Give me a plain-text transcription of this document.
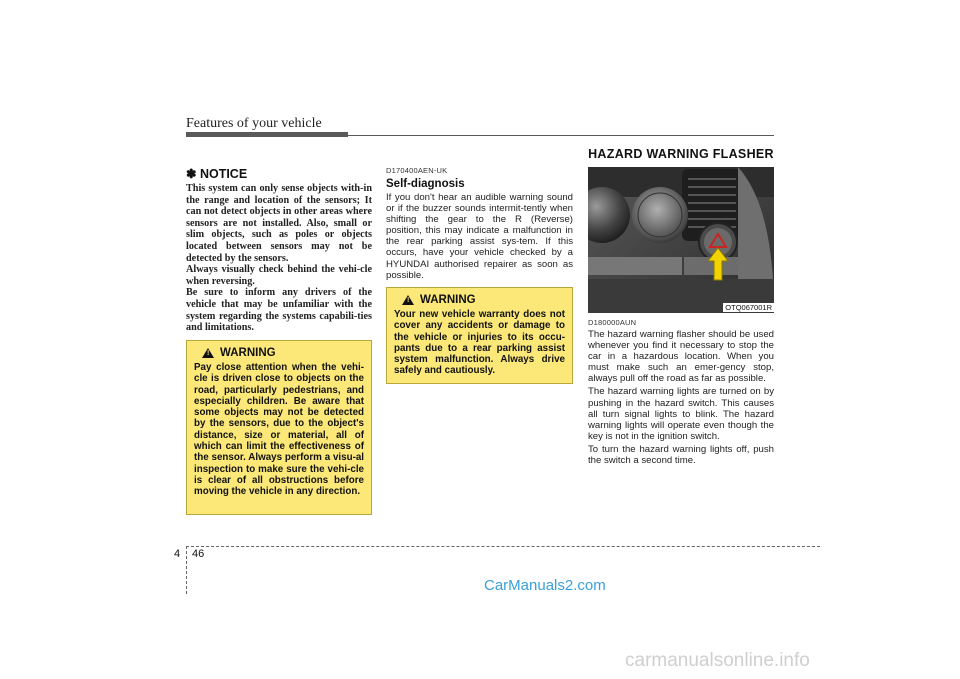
Features of your vehicle
✽ NOTICE

This system can only sense objects with-in the range and location of the sensors; It can not detect objects in other areas where sensors are not installed. Also, small or slim objects, such as poles or objects located between sensors may not be detected by the sensors.

Always visually check behind the vehi-cle when reversing.

Be sure to inform any drivers of the vehicle that may be unfamiliar with the system regarding the systems capabili-ties and limitations.

! WARNING
Pay close attention when the vehi-cle is driven close to objects on the road, particularly pedestrians, and especially children. Be aware that some objects may not be detected by the sensors, due to the object's distance, size or material, all of which can limit the effectiveness of the sensor. Always perform a visu-al inspection to make sure the vehi-cle is clear of all obstructions before moving the vehicle in any direction.
D170400AEN-UK
Self-diagnosis

If you don't hear an audible warning sound or if the buzzer sounds intermit-tently when shifting the gear to the R (Reverse) position, this may indicate a malfunction in the rear parking assist sys-tem. If this occurs, have your vehicle checked by a HYUNDAI authorised repairer as soon as possible.

! WARNING
Your new vehicle warranty does not cover any accidents or damage to the vehicle or injuries to its occu-pants due to a rear parking assist system malfunction. Always drive safely and cautiously.
HAZARD WARNING FLASHER
OTQ067001R
D180000AUN

The hazard warning flasher should be used whenever you find it necessary to stop the car in a hazardous location. When you must make such an emer-gency stop, always pull off the road as far as possible.

The hazard warning lights are turned on by pushing in the hazard switch. This causes all turn signal lights to blink. The hazard warning lights will operate even though the key is not in the ignition switch.

To turn the hazard warning lights off, push the switch a second time.

4 46
CarManuals2.com
carmanualsonline.info
